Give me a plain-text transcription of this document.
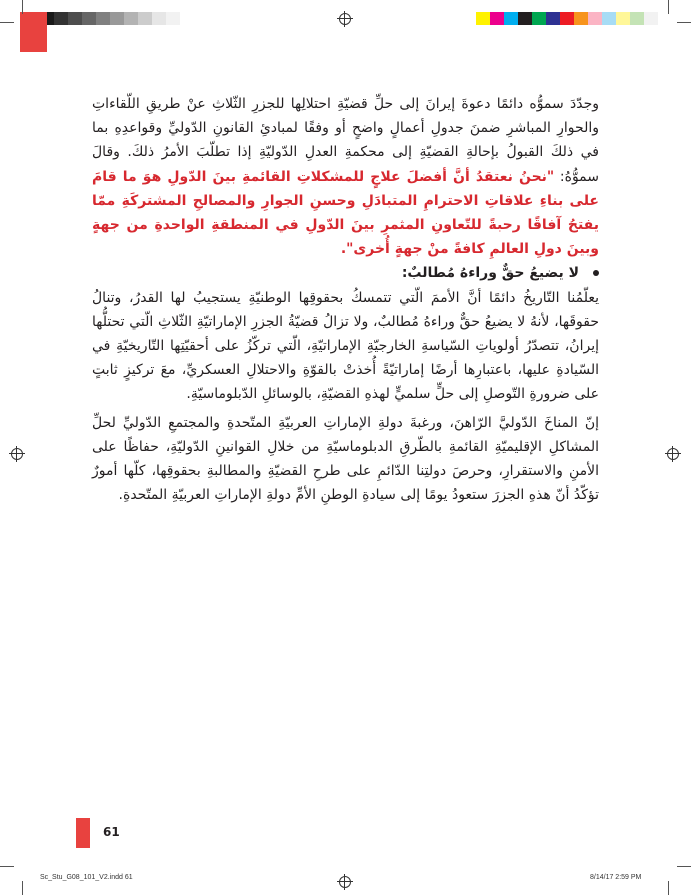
وجدّدَ سموُّه دائمًا دعوةَ إيرانَ إلى حلِّ قضيّةِ احتلالِها للجزرِ الثّلاثِ عنْ طريقِ اللّقاءاتِ والحوارِ المباشرِ ضمنَ جدولِ أعمالٍ واضحٍ أو وفقًا لمبادئِ القانونِ الدّوليِّ وقواعدِهِ بما في ذلكَ القبولُ بإحالةِ القضيّةِ إلى محكمةِ العدلِ الدّوليّةِ إذا تطلّبَ الأمرُ ذلكَ. وقالَ سموُّهُ: "نحنُ نعتقدُ أنَّ أفضلَ علاجٍ للمشكلاتِ القائمةِ بينَ الدّولِ هوَ ما قامَ على بناءِ علاقاتِ الاحترامِ المتبادَلِ وحسنِ الجوارِ والمصالحِ المشتركَةِ ممّا يفتحُ آفاقًا رحبةً للتّعاونِ المثمرِ بينَ الدّولِ في المنطقةِ الواحدةِ من جهةٍ وبينَ دولِ العالمِ كافةً منْ جهةٍ أُخرى".

لا يضيعُ حقٌّ وراءهُ مُطالبٌ:

يعلّمُنا التّاريخُ دائمًا أنَّ الأممَ الّتي تتمسكُ بحقوقِها الوطنيّةِ يستجيبُ لها القدرُ، وتنالُ حقوقَها، لأنهُ لا يضيعُ حقٌّ وراءهُ مُطالبٌ، ولا تزالُ قضيّةُ الجزرِ الإماراتيّةِ الثّلاثِ الّتي تحتلُّها إيرانُ، تتصدّرُ أولوياتِ السّياسةِ الخارجيّةِ الإماراتيّةِ، الّتي تركّزُ على أحقيّتِها التّاريخيّةِ في السّيادةِ عليها، باعتبارِها أرضًا إماراتيّةً أُخذتْ بالقوّةِ والاحتلالِ العسكريِّ، معَ تركيزٍ ثابتٍ على ضرورةِ التّوصلِ إلى حلٍّ سلميٍّ لهذهِ القضيّةِ، بالوسائلِ الدّبلوماسيّةِ.

إنّ المناخَ الدّوليَّ الرّاهنَ، ورغبةَ دولةِ الإماراتِ العربيّةِ المتّحدةِ والمجتمعِ الدّوليِّ لحلِّ المشاكلِ الإقليميّةِ القائمةِ بالطّرقِ الدبلوماسيّةِ من خلالِ القوانينِ الدّوليّةِ، حفاظًا على الأمنِ والاستقرارِ، وحرصَ دولتِنا الدّائمِ على طرحِ القضيّةِ والمطالبةِ بحقوقِها، كلّها أمورٌ تؤكّدُ أنّ هذهِ الجزرَ ستعودُ يومًا إلى سيادةِ الوطنِ الأمِّ دولةِ الإماراتِ العربيّةِ المتّحدةِ.

61
Sc_Stu_G08_101_V2.indd 61	8/14/17 2:59 PM
